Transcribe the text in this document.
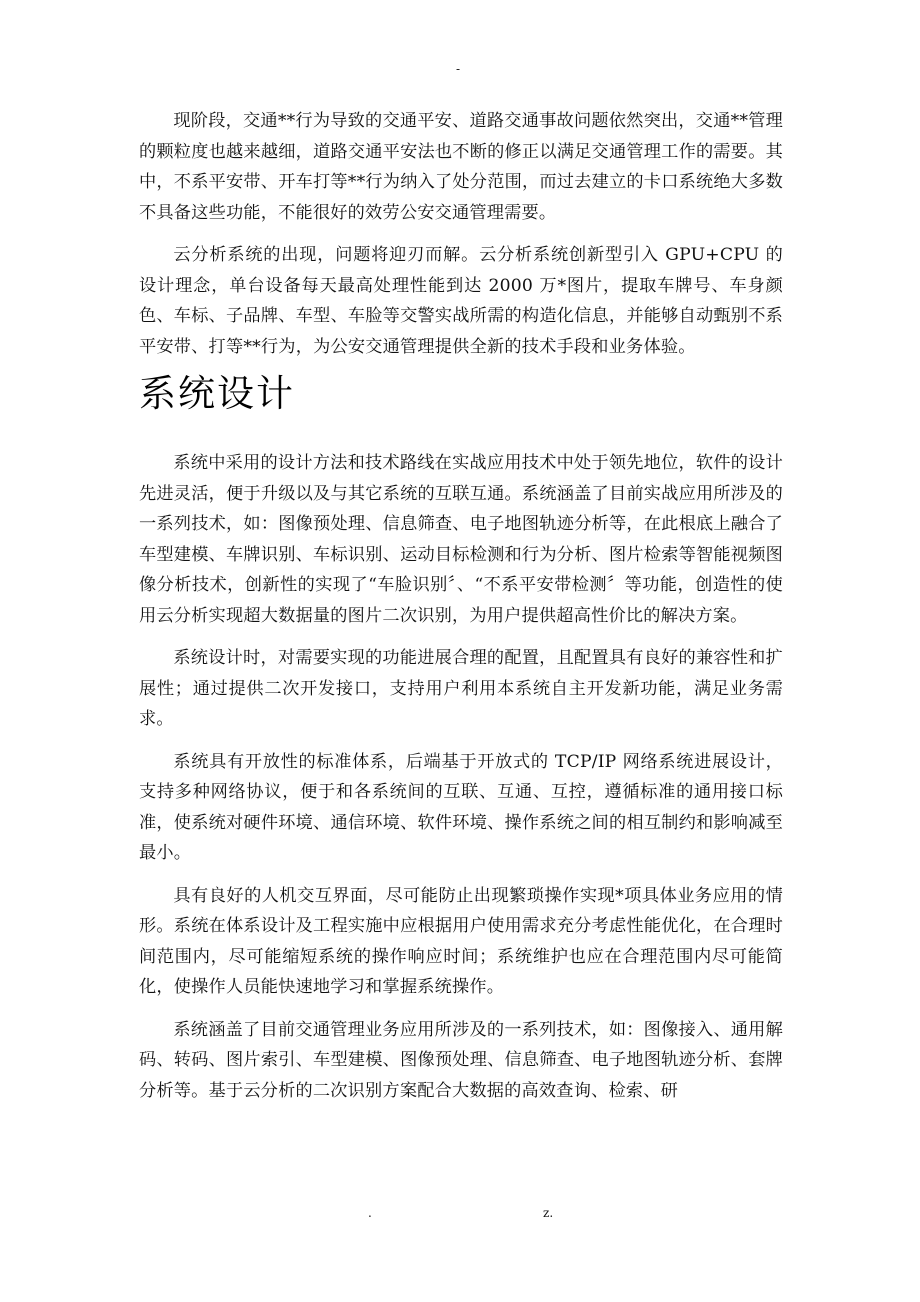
-

现阶段，交通**行为导致的交通平安、道路交通事故问题依然突出，交通**管理的颗粒度也越来越细，道路交通平安法也不断的修正以满足交通管理工作的需要。其中，不系平安带、开车打等**行为纳入了处分范围，而过去建立的卡口系统绝大多数不具备这些功能，不能很好的效劳公安交通管理需要。

云分析系统的出现，问题将迎刃而解。云分析系统创新型引入 GPU+CPU 的设计理念，单台设备每天最高处理性能到达 2000 万*图片，提取车牌号、车身颜色、车标、子品牌、车型、车脸等交警实战所需的构造化信息，并能够自动甄别不系平安带、打等**行为，为公安交通管理提供全新的技术手段和业务体验。

系统设计

系统中采用的设计方法和技术路线在实战应用技术中处于领先地位，软件的设计先进灵活，便于升级以及与其它系统的互联互通。系统涵盖了目前实战应用所涉及的一系列技术，如：图像预处理、信息筛查、电子地图轨迹分析等，在此根底上融合了车型建模、车牌识别、车标识别、运动目标检测和行为分析、图片检索等智能视频图像分析技术，创新性的实现了“车脸识别〞、“不系平安带检测〞等功能，创造性的使用云分析实现超大数据量的图片二次识别，为用户提供超高性价比的解决方案。

系统设计时，对需要实现的功能进展合理的配置，且配置具有良好的兼容性和扩展性；通过提供二次开发接口，支持用户利用本系统自主开发新功能，满足业务需求。

系统具有开放性的标准体系，后端基于开放式的 TCP/IP 网络系统进展设计，支持多种网络协议，便于和各系统间的互联、互通、互控，遵循标准的通用接口标准，使系统对硬件环境、通信环境、软件环境、操作系统之间的相互制约和影响减至最小。

具有良好的人机交互界面，尽可能防止出现繁琐操作实现*项具体业务应用的情形。系统在体系设计及工程实施中应根据用户使用需求充分考虑性能优化，在合理时间范围内，尽可能缩短系统的操作响应时间；系统维护也应在合理范围内尽可能简化，使操作人员能快速地学习和掌握系统操作。

系统涵盖了目前交通管理业务应用所涉及的一系列技术，如：图像接入、通用解码、转码、图片索引、车型建模、图像预处理、信息筛查、电子地图轨迹分析、套牌分析等。基于云分析的二次识别方案配合大数据的高效查询、检索、研

.	z.
